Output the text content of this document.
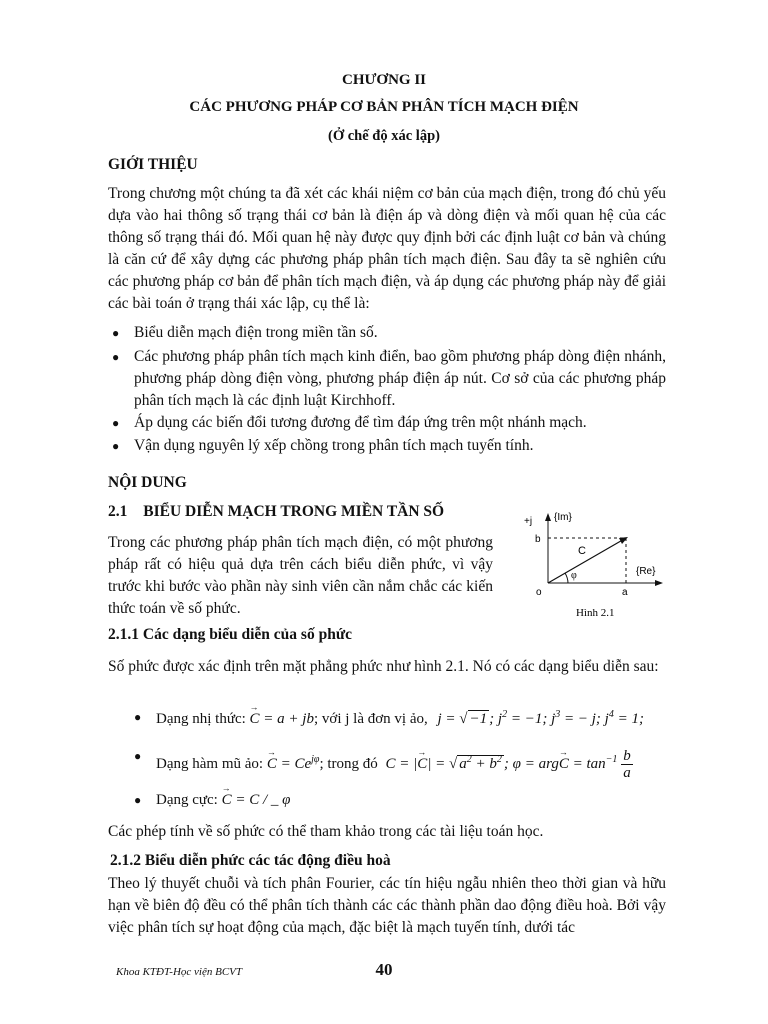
CHƯƠNG II
CÁC PHƯƠNG PHÁP CƠ BẢN PHÂN TÍCH MẠCH ĐIỆN
(Ở chế độ xác lập)
GIỚI THIỆU
Trong chương một chúng ta đã xét các khái niệm cơ bản của mạch điện, trong đó chủ yếu dựa vào hai thông số trạng thái cơ bản là điện áp và dòng điện và mối quan hệ của các thông số trạng thái đó. Mối quan hệ này được quy định bởi các định luật cơ bản và chúng là căn cứ để xây dựng các phương pháp phân tích mạch điện. Sau đây ta sẽ nghiên cứu các phương pháp cơ bản để phân tích mạch điện, và áp dụng các phương pháp này để giải các bài toán ở trạng thái xác lập, cụ thể là:
● Biểu diễn mạch điện trong miền tần số.
● Các phương pháp phân tích mạch kinh điển, bao gồm phương pháp dòng điện nhánh, phương pháp dòng điện vòng, phương pháp điện áp nút. Cơ sở của các phương pháp phân tích mạch là các định luật Kirchhoff.
● Áp dụng các biến đổi tương đương để tìm đáp ứng trên một nhánh mạch.
● Vận dụng nguyên lý xếp chồng trong phân tích mạch tuyến tính.
NỘI DUNG
2.1 BIỂU DIỄN MẠCH TRONG MIỀN TẦN SỐ
Trong các phương pháp phân tích mạch điện, có một phương pháp rất có hiệu quả dựa trên cách biểu diễn phức, vì vậy trước khi bước vào phần này sinh viên cần nắm chắc các kiến thức toán về số phức.
+j {Im}
{Re}
b
a
o
C
φ
Hình 2.1
2.1.1 Các dạng biểu diễn của số phức
Số phức được xác định trên mặt phẳng phức như hình 2.1. Nó có các dạng biểu diễn sau:
● Dạng nhị thức: → C = a + jb; với j là đơn vị ảo, j = √ −1 ; $j^2 = -1$; $j^3$ = − j; $j^4 = 1$;
● Dạng hàm mũ ảo: → $C = Ce^{j\varphi}$; trong đó C = |→ C| = √ $a^2 + b^2$ ; $\varphi = arg\to C = \tan^{-1} \frac{b}{a}$
● Dạng cực: → C = C / _ φ
Các phép tính về số phức có thể tham khảo trong các tài liệu toán học.
2.1.2 Biểu diễn phức các tác động điều hoà
Theo lý thuyết chuỗi và tích phân Fourier, các tín hiệu ngẫu nhiên theo thời gian và hữu hạn về biên độ đều có thể phân tích thành các các thành phần dao động điều hoà. Bởi vậy việc phân tích sự hoạt động của mạch, đặc biệt là mạch tuyến tính, dưới tác
Khoa KTĐT-Học viện BCVT	40
